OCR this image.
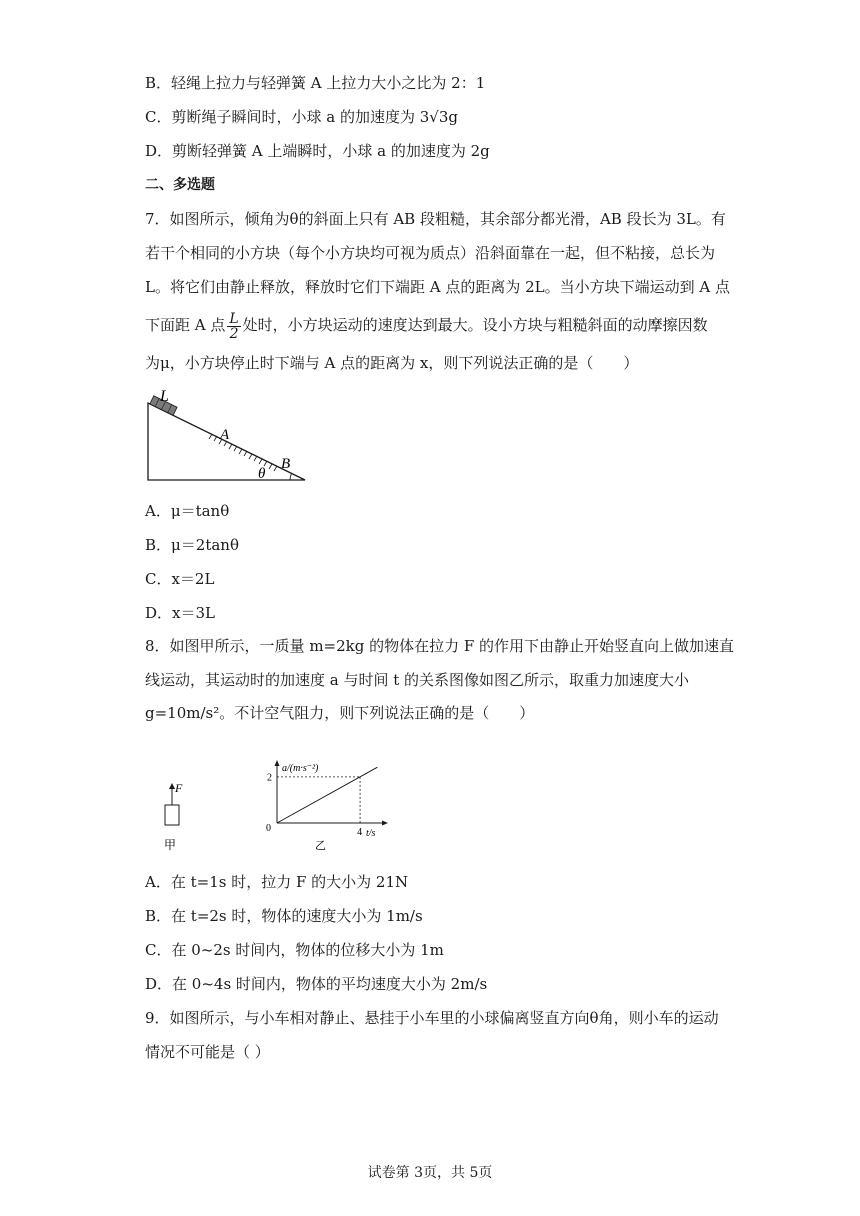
B．轻绳上拉力与轻弹簧 A 上拉力大小之比为 2：1
C．剪断绳子瞬间时，小球 a 的加速度为 3√3g
D．剪断轻弹簧 A 上端瞬时，小球 a 的加速度为 2g
二、多选题
7．如图所示，倾角为θ的斜面上只有 AB 段粗糙，其余部分都光滑，AB 段长为 3L。有
若干个相同的小方块（每个小方块均可视为质点）沿斜面靠在一起，但不粘接，总长为
L。将它们由静止释放，释放时它们下端距 A 点的距离为 2L。当小方块下端运动到 A 点
下面距 A 点 $\frac{L}{2}$ 处时，小方块运动的速度达到最大。设小方块与粗糙斜面的动摩擦因数
为μ，小方块停止时下端与 A 点的距离为 x，则下列说法正确的是（　　）
L
A
B
θ
A．μ＝tanθ
B．μ＝2tanθ
C．x＝2L
D．x＝3L
8．如图甲所示，一质量 m=2kg 的物体在拉力 F 的作用下由静止开始竖直向上做加速直
线运动，其运动时的加速度 a 与时间 t 的关系图像如图乙所示，取重力加速度大小
g=10m/s²。不计空气阻力，则下列说法正确的是（　　）
F
甲
a/(m·s⁻²)
t/s
2
4
0
乙
A．在 t=1s 时，拉力 F 的大小为 21N
B．在 t=2s 时，物体的速度大小为 1m/s
C．在 0~2s 时间内，物体的位移大小为 1m
D．在 0~4s 时间内，物体的平均速度大小为 2m/s
9．如图所示，与小车相对静止、悬挂于小车里的小球偏离竖直方向θ角，则小车的运动
情况不可能是（ ）
试卷第 3页，共 5页
